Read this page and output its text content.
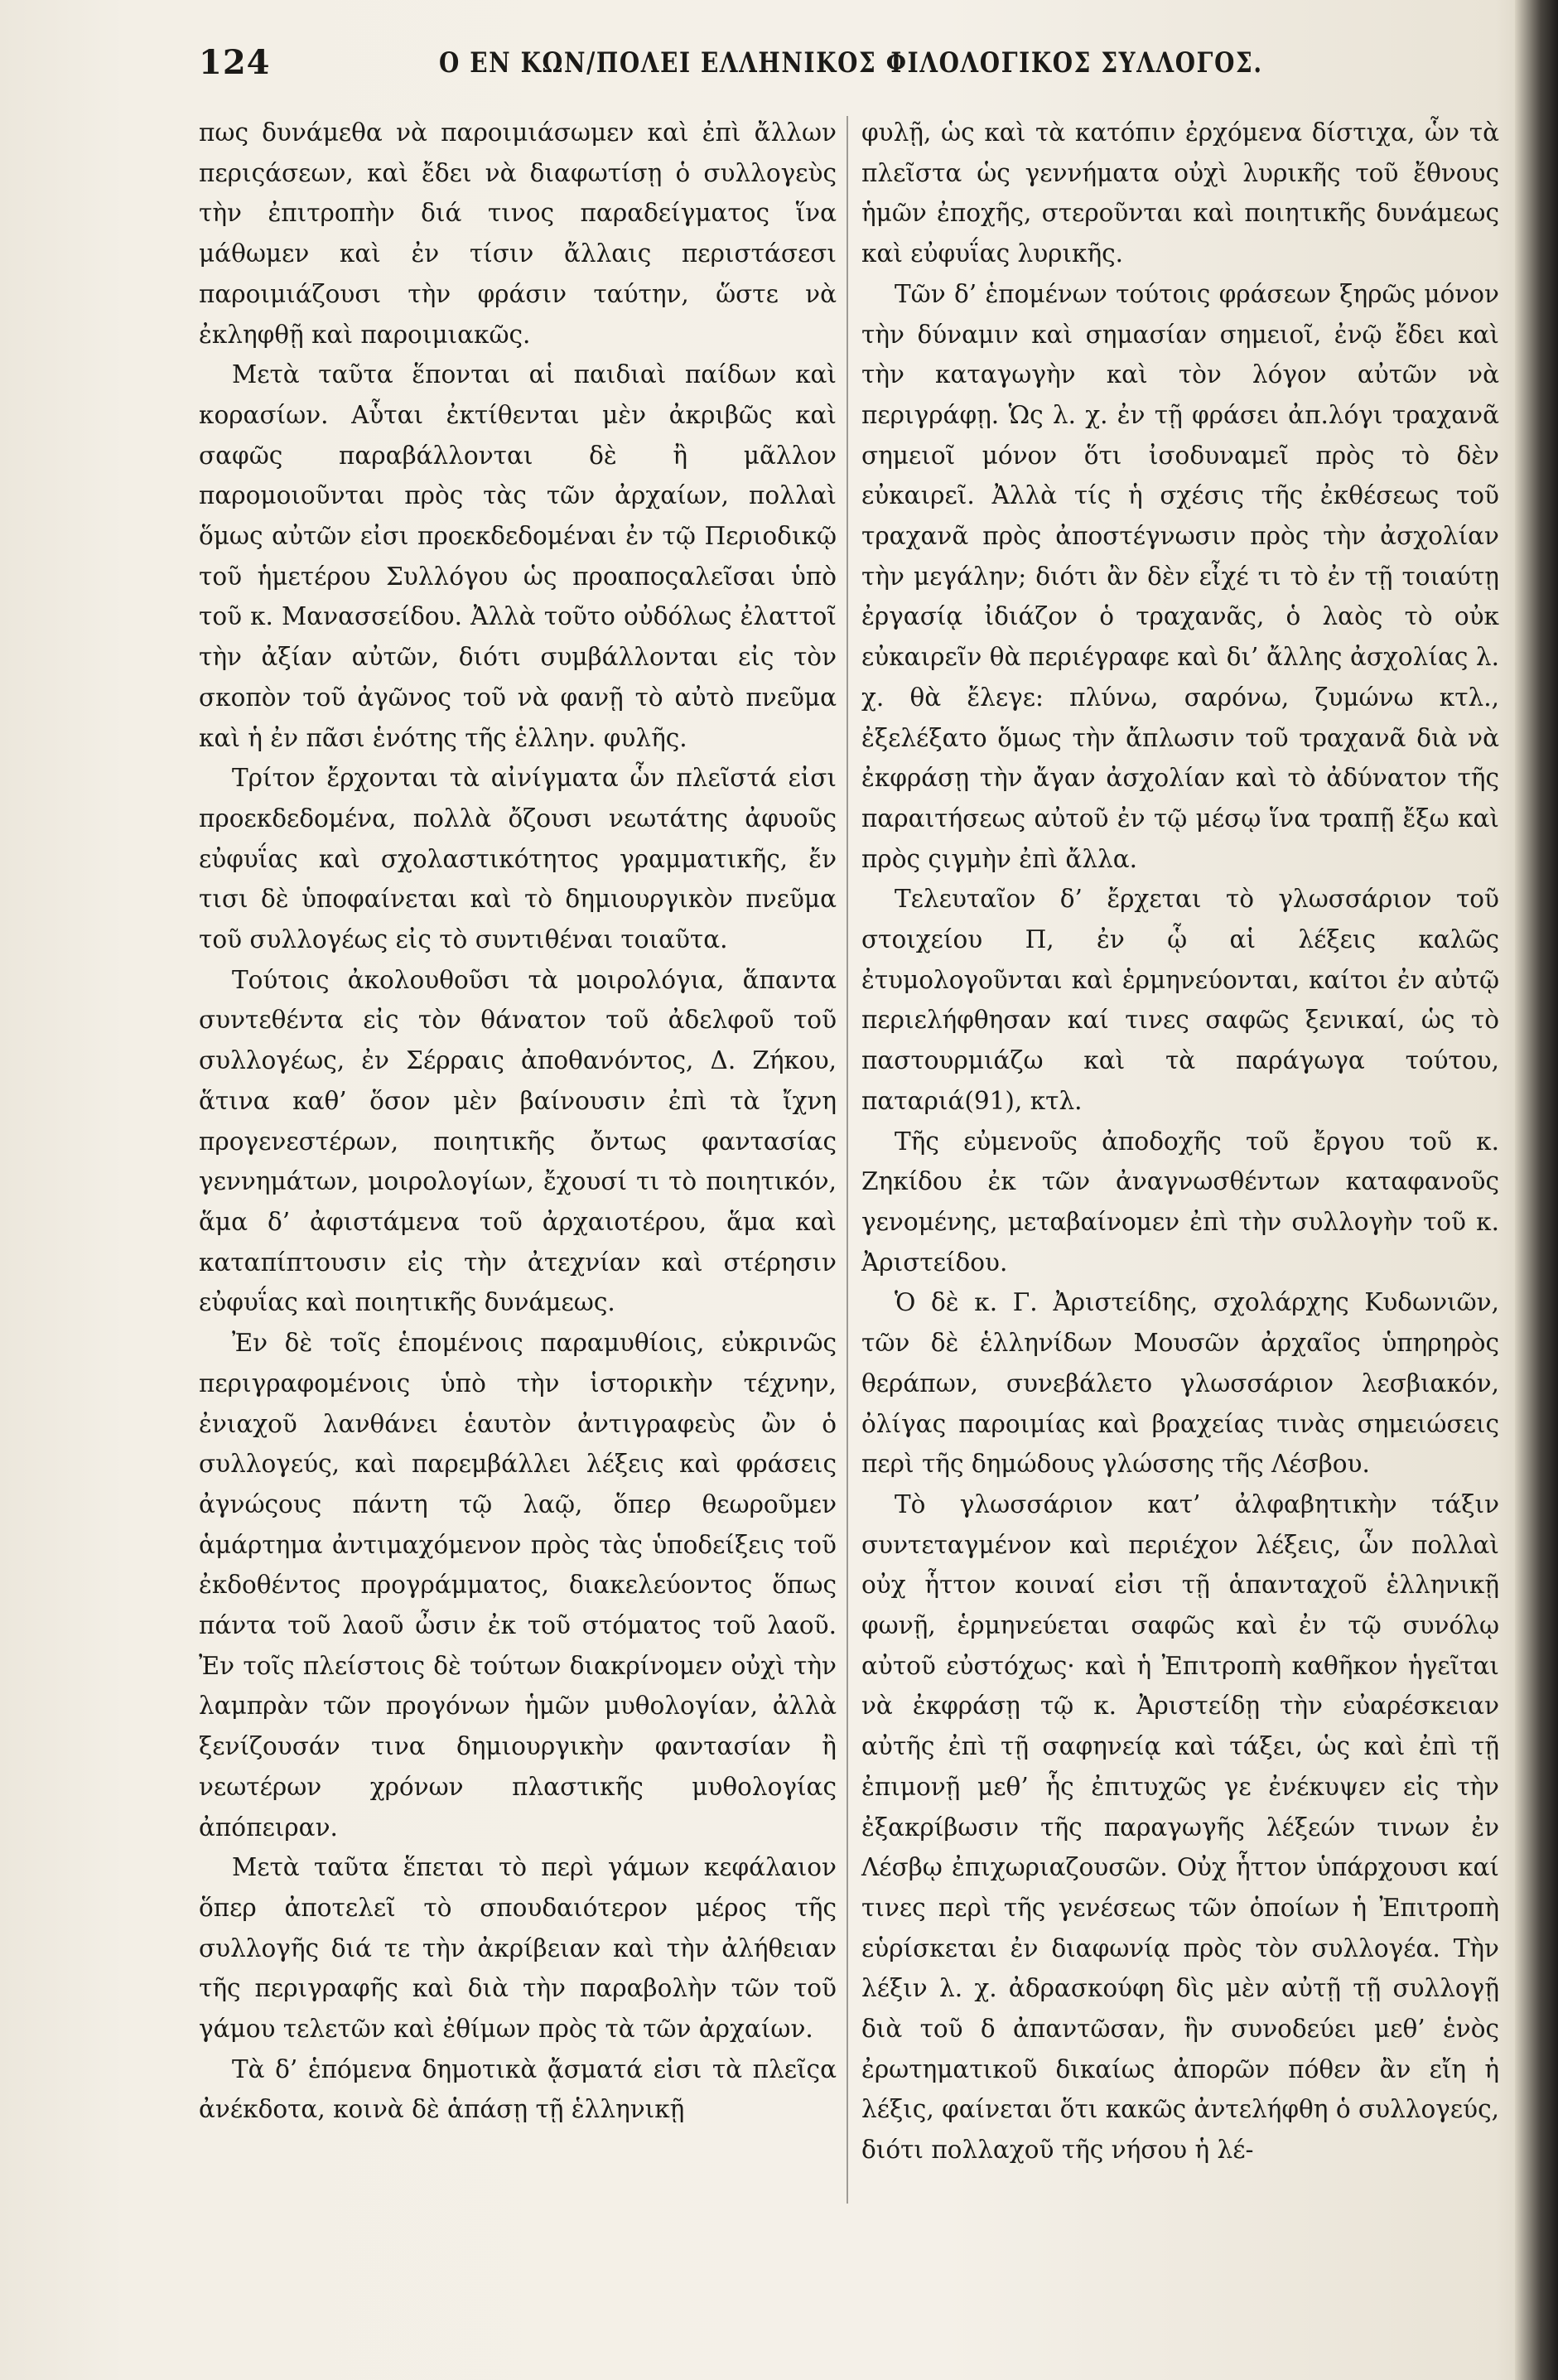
124	Ο ΕΝ ΚΩΝ/ΠΟΛΕΙ ΕΛΛΗΝΙΚΟΣ ΦΙΛΟΛΟΓΙΚΟΣ ΣΥΛΛΟΓΟΣ.

πως δυνάμεθα νὰ παροιμιάσωμεν καὶ ἐπὶ ἄλλων περιςάσεων, καὶ ἔδει νὰ διαφωτίσῃ ὁ συλλογεὺς τὴν ἐπιτροπὴν διά τινος παραδείγματος ἵνα μάθωμεν καὶ ἐν τίσιν ἄλλαις περιστάσεσι παροιμιάζουσι τὴν φράσιν ταύτην, ὥστε νὰ ἐκληφθῇ καὶ παροιμιακῶς.

Μετὰ ταῦτα ἕπονται αἱ παιδιαὶ παίδων καὶ κορασίων. Αὗται ἐκτίθενται μὲν ἀκριβῶς καὶ σαφῶς παραβάλλονται δὲ ἢ μᾶλλον παρομοιοῦνται πρὸς τὰς τῶν ἀρχαίων, πολλαὶ ὅμως αὐτῶν εἰσι προεκδεδομέναι ἐν τῷ Περιοδικῷ τοῦ ἡμετέρου Συλλόγου ὡς προαποςαλεῖσαι ὑπὸ τοῦ κ. Μανασσείδου. Ἀλλὰ τοῦτο οὐδόλως ἐλαττοῖ τὴν ἀξίαν αὐτῶν, διότι συμβάλλονται εἰς τὸν σκοπὸν τοῦ ἀγῶνος τοῦ νὰ φανῇ τὸ αὐτὸ πνεῦμα καὶ ἡ ἐν πᾶσι ἑνότης τῆς ἑλλην. φυλῆς.

Τρίτον ἔρχονται τὰ αἰνίγματα ὧν πλεῖστά εἰσι προεκδεδομένα, πολλὰ ὄζουσι νεωτάτης ἀφυοῦς εὐφυΐας καὶ σχολαστικότητος γραμματικῆς, ἔν τισι δὲ ὑποφαίνεται καὶ τὸ δημιουργικὸν πνεῦμα τοῦ συλλογέως εἰς τὸ συντιθέναι τοιαῦτα.

Τούτοις ἀκολουθοῦσι τὰ μοιρολόγια, ἅπαντα συντεθέντα εἰς τὸν θάνατον τοῦ ἀδελφοῦ τοῦ συλλογέως, ἐν Σέρραις ἀποθανόντος, Δ. Ζήκου, ἅτινα καθ’ ὅσον μὲν βαίνουσιν ἐπὶ τὰ ἴχνη προγενεστέρων, ποιητικῆς ὄντως φαντασίας γεννημάτων, μοιρολογίων, ἔχουσί τι τὸ ποιητικόν, ἅμα δ’ ἀφιστάμενα τοῦ ἀρχαιοτέρου, ἅμα καὶ καταπίπτουσιν εἰς τὴν ἀτεχνίαν καὶ στέρησιν εὐφυΐας καὶ ποιητικῆς δυνάμεως.

Ἐν δὲ τοῖς ἑπομένοις παραμυθίοις, εὐκρινῶς περιγραφομένοις ὑπὸ τὴν ἱστορικὴν τέχνην, ἐνιαχοῦ λανθάνει ἑαυτὸν ἀντιγραφεὺς ὢν ὁ συλλογεύς, καὶ παρεμβάλλει λέξεις καὶ φράσεις ἀγνώςους πάντη τῷ λαῷ, ὅπερ θεωροῦμεν ἁμάρτημα ἀντιμαχόμενον πρὸς τὰς ὑποδείξεις τοῦ ἐκδοθέντος προγράμματος, διακελεύοντος ὅπως πάντα τοῦ λαοῦ ὦσιν ἐκ τοῦ στόματος τοῦ λαοῦ. Ἐν τοῖς πλείστοις δὲ τούτων διακρίνομεν οὐχὶ τὴν λαμπρὰν τῶν προγόνων ἡμῶν μυθολογίαν, ἀλλὰ ξενίζουσάν τινα δημιουργικὴν φαντασίαν ἢ νεωτέρων χρόνων πλαστικῆς μυθολογίας ἀπόπειραν.

Μετὰ ταῦτα ἕπεται τὸ περὶ γάμων κεφάλαιον ὅπερ ἀποτελεῖ τὸ σπουδαιότερον μέρος τῆς συλλογῆς διά τε τὴν ἀκρίβειαν καὶ τὴν ἀλήθειαν τῆς περιγραφῆς καὶ διὰ τὴν παραβολὴν τῶν τοῦ γάμου τελετῶν καὶ ἐθίμων πρὸς τὰ τῶν ἀρχαίων.

Τὰ δ’ ἑπόμενα δημοτικὰ ᾄσματά εἰσι τὰ πλεῖςα ἀνέκδοτα, κοινὰ δὲ ἁπάσῃ τῇ ἑλληνικῇ

φυλῇ, ὡς καὶ τὰ κατόπιν ἐρχόμενα δίστιχα, ὧν τὰ πλεῖστα ὡς γεννήματα οὐχὶ λυρικῆς τοῦ ἔθνους ἡμῶν ἐποχῆς, στεροῦνται καὶ ποιητικῆς δυνάμεως καὶ εὐφυΐας λυρικῆς.

Τῶν δ’ ἑπομένων τούτοις φράσεων ξηρῶς μόνον τὴν δύναμιν καὶ σημασίαν σημειοῖ, ἐνῷ ἔδει καὶ τὴν καταγωγὴν καὶ τὸν λόγον αὐτῶν νὰ περιγράφῃ. Ὡς λ. χ. ἐν τῇ φράσει ἀπ.λόγι τραχανᾶ σημειοῖ μόνον ὅτι ἰσοδυναμεῖ πρὸς τὸ δὲν εὐκαιρεῖ. Ἀλλὰ τίς ἡ σχέσις τῆς ἐκθέσεως τοῦ τραχανᾶ πρὸς ἀποστέγνωσιν πρὸς τὴν ἀσχολίαν τὴν μεγάλην; διότι ἂν δὲν εἶχέ τι τὸ ἐν τῇ τοιαύτῃ ἐργασίᾳ ἰδιάζον ὁ τραχανᾶς, ὁ λαὸς τὸ οὐκ εὐκαιρεῖν θὰ περιέγραφε καὶ δι’ ἄλλης ἀσχολίας λ. χ. θὰ ἔλεγε: πλύνω, σαρόνω, ζυμώνω κτλ., ἐξελέξατο ὅμως τὴν ἄπλωσιν τοῦ τραχανᾶ διὰ νὰ ἐκφράσῃ τὴν ἄγαν ἀσχολίαν καὶ τὸ ἀδύνατον τῆς παραιτήσεως αὐτοῦ ἐν τῷ μέσῳ ἵνα τραπῇ ἔξω καὶ πρὸς ςιγμὴν ἐπὶ ἄλλα.

Τελευταῖον δ’ ἔρχεται τὸ γλωσσάριον τοῦ στοιχείου Π, ἐν ᾧ αἱ λέξεις καλῶς ἐτυμολογοῦνται καὶ ἑρμηνεύονται, καίτοι ἐν αὐτῷ περιελήφθησαν καί τινες σαφῶς ξενικαί, ὡς τὸ παστουρμιάζω καὶ τὰ παράγωγα τούτου, παταριά(91), κτλ.

Τῆς εὐμενοῦς ἀποδοχῆς τοῦ ἔργου τοῦ κ. Ζηκίδου ἐκ τῶν ἀναγνωσθέντων καταφανοῦς γενομένης, μεταβαίνομεν ἐπὶ τὴν συλλογὴν τοῦ κ. Ἀριστείδου.

Ὁ δὲ κ. Γ. Ἀριστείδης, σχολάρχης Κυδωνιῶν, τῶν δὲ ἑλληνίδων Μουσῶν ἀρχαῖος ὑπηρηρὸς θεράπων, συνεβάλετο γλωσσάριον λεσβιακόν, ὀλίγας παροιμίας καὶ βραχείας τινὰς σημειώσεις περὶ τῆς δημώδους γλώσσης τῆς Λέσβου.

Τὸ γλωσσάριον κατ’ ἀλφαβητικὴν τάξιν συντεταγμένον καὶ περιέχον λέξεις, ὧν πολλαὶ οὐχ ἧττον κοιναί εἰσι τῇ ἁπανταχοῦ ἑλληνικῇ φωνῇ, ἑρμηνεύεται σαφῶς καὶ ἐν τῷ συνόλῳ αὐτοῦ εὐστόχως· καὶ ἡ Ἐπιτροπὴ καθῆκον ἡγεῖται νὰ ἐκφράσῃ τῷ κ. Ἀριστείδῃ τὴν εὐαρέσκειαν αὐτῆς ἐπὶ τῇ σαφηνείᾳ καὶ τάξει, ὡς καὶ ἐπὶ τῇ ἐπιμονῇ μεθ’ ἧς ἐπιτυχῶς γε ἐνέκυψεν εἰς τὴν ἐξακρίβωσιν τῆς παραγωγῆς λέξεών τινων ἐν Λέσβῳ ἐπιχωριαζουσῶν. Οὐχ ἧττον ὑπάρχουσι καί τινες περὶ τῆς γενέσεως τῶν ὁποίων ἡ Ἐπιτροπὴ εὑρίσκεται ἐν διαφωνίᾳ πρὸς τὸν συλλογέα. Τὴν λέξιν λ. χ. ἀδρασκούφη δὶς μὲν αὐτῇ τῇ συλλογῇ διὰ τοῦ δ ἀπαντῶσαν, ἣν συνοδεύει μεθ’ ἑνὸς ἐρωτηματικοῦ δικαίως ἀπορῶν πόθεν ἂν εἴη ἡ λέξις, φαίνεται ὅτι κακῶς ἀντελήφθη ὁ συλλογεύς, διότι πολλαχοῦ τῆς νήσου ἡ λέ-
